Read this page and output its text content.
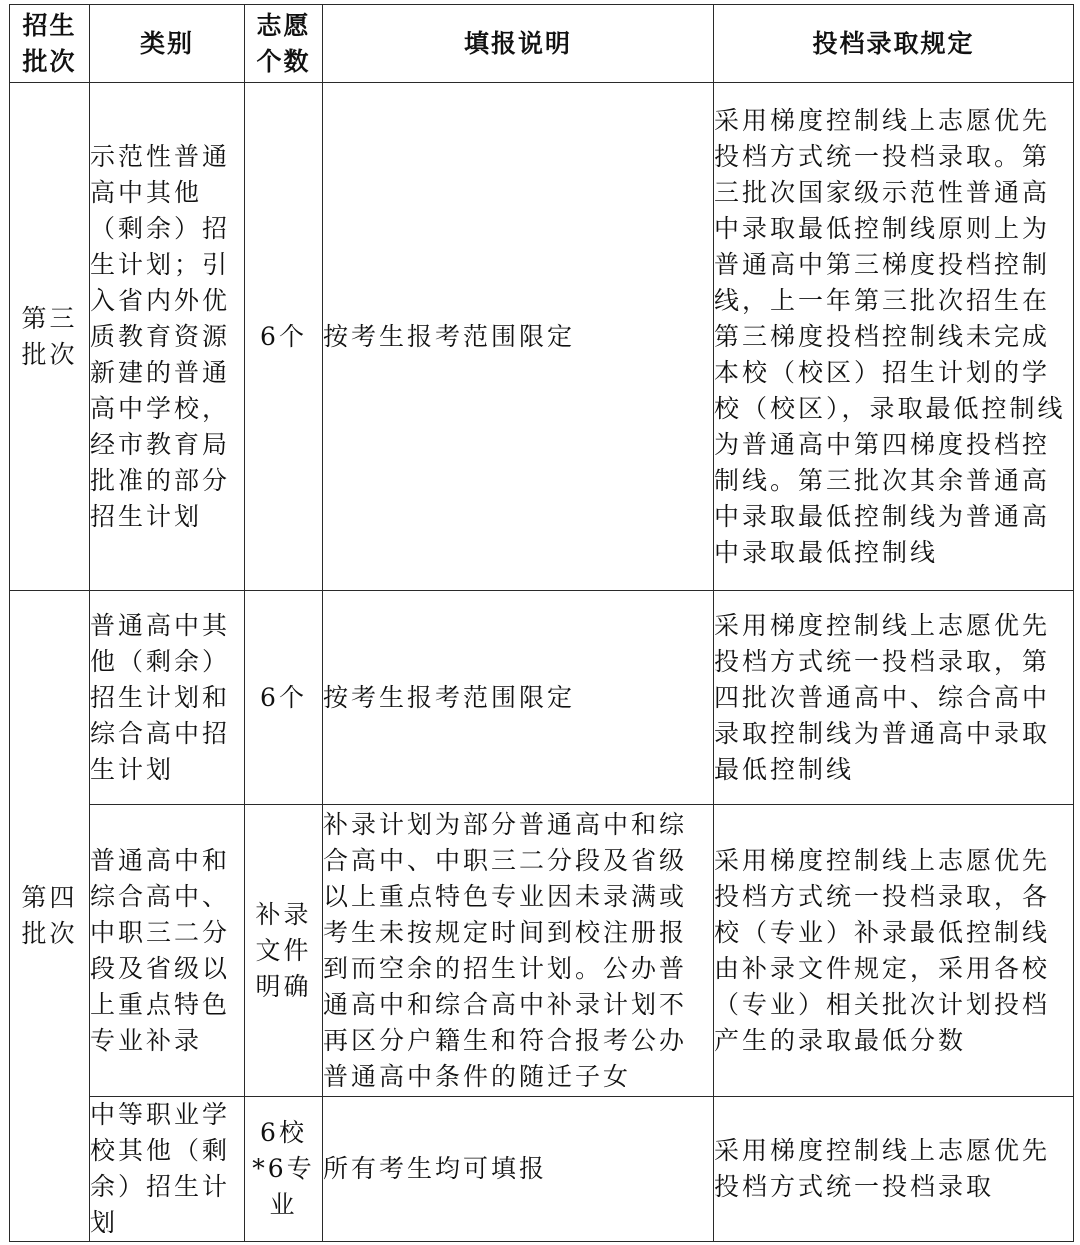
招生批次	类别	志愿个数	填报说明	投档录取规定
第三批次	示范性普通高中其他（剩余）招生计划；引入省内外优质教育资源新建的普通高中学校，经市教育局批准的部分招生计划	6个	按考生报考范围限定	采用梯度控制线上志愿优先投档方式统一投档录取。第三批次国家级示范性普通高中录取最低控制线原则上为普通高中第三梯度投档控制线，上一年第三批次招生在第三梯度投档控制线未完成本校（校区）招生计划的学校（校区），录取最低控制线为普通高中第四梯度投档控制线。第三批次其余普通高中录取最低控制线为普通高中录取最低控制线
第四批次	普通高中其他（剩余）招生计划和综合高中招生计划	6个	按考生报考范围限定	采用梯度控制线上志愿优先投档方式统一投档录取，第四批次普通高中、综合高中录取控制线为普通高中录取最低控制线
	普通高中和综合高中、中职三二分段及省级以上重点特色专业补录	补录文件明确	补录计划为部分普通高中和综合高中、中职三二分段及省级以上重点特色专业因未录满或考生未按规定时间到校注册报到而空余的招生计划。公办普通高中和综合高中补录计划不再区分户籍生和符合报考公办普通高中条件的随迁子女	采用梯度控制线上志愿优先投档方式统一投档录取，各校（专业）补录最低控制线由补录文件规定，采用各校（专业）相关批次计划投档产生的录取最低分数
	中等职业学校其他（剩余）招生计划	6校*6专业	所有考生均可填报	采用梯度控制线上志愿优先投档方式统一投档录取
